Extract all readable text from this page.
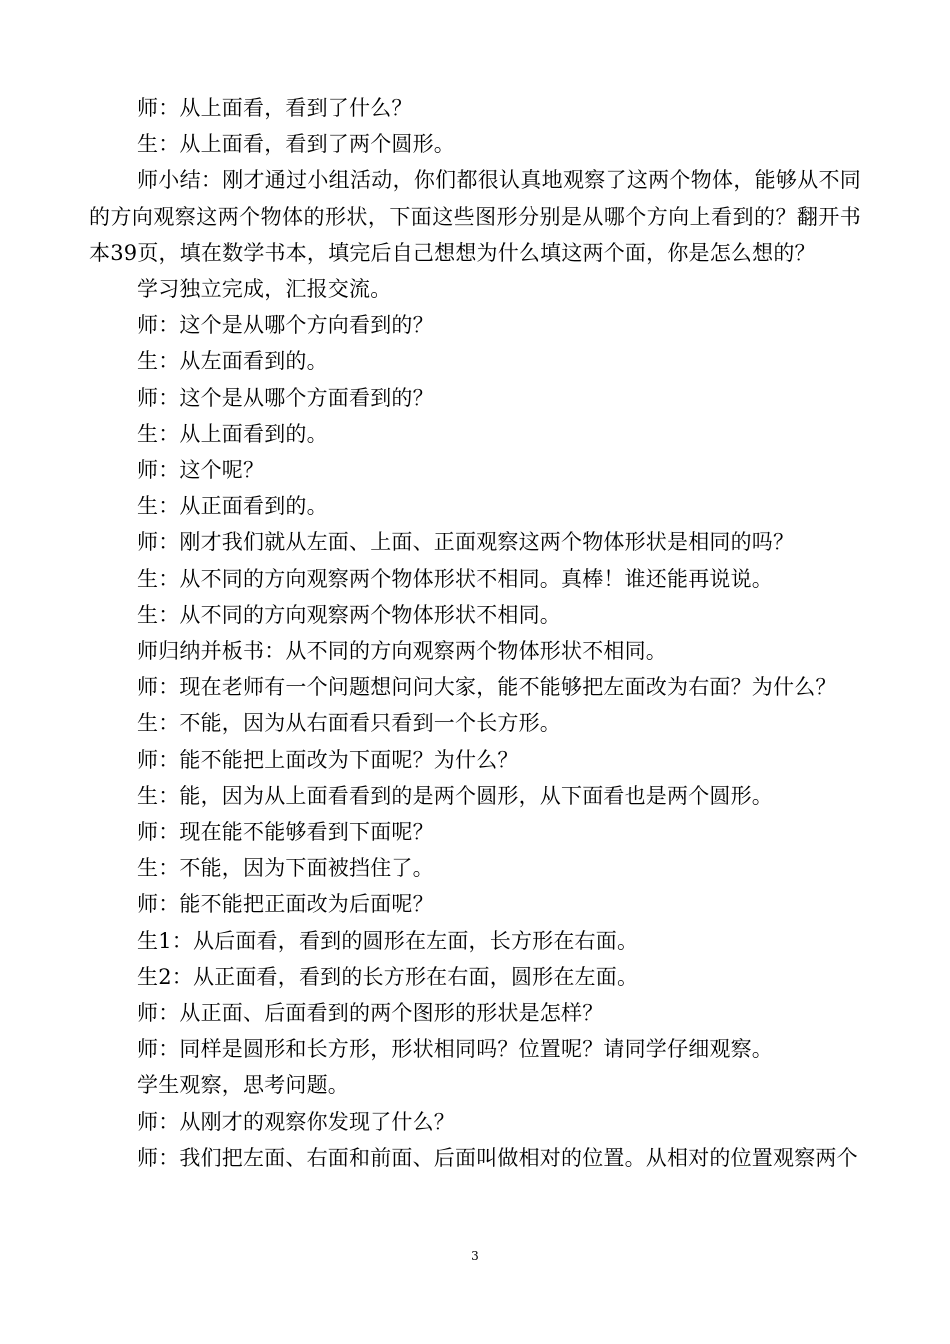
师：从上面看，看到了什么？

生：从上面看，看到了两个圆形。

师小结：刚才通过小组活动，你们都很认真地观察了这两个物体，能够从不同的方向观察这两个物体的形状，下面这些图形分别是从哪个方向上看到的？翻开书本39页，填在数学书本，填完后自己想想为什么填这两个面，你是怎么想的？

学习独立完成，汇报交流。

师：这个是从哪个方向看到的？

生：从左面看到的。

师：这个是从哪个方面看到的？

生：从上面看到的。

师：这个呢？

生：从正面看到的。

师：刚才我们就从左面、上面、正面观察这两个物体形状是相同的吗？

生：从不同的方向观察两个物体形状不相同。真棒！谁还能再说说。

生：从不同的方向观察两个物体形状不相同。

师归纳并板书：从不同的方向观察两个物体形状不相同。

师：现在老师有一个问题想问问大家，能不能够把左面改为右面？为什么？

生：不能，因为从右面看只看到一个长方形。

师：能不能把上面改为下面呢？为什么？

生：能，因为从上面看看到的是两个圆形，从下面看也是两个圆形。

师：现在能不能够看到下面呢？

生：不能，因为下面被挡住了。

师：能不能把正面改为后面呢？

生1：从后面看，看到的圆形在左面，长方形在右面。

生2：从正面看，看到的长方形在右面，圆形在左面。

师：从正面、后面看到的两个图形的形状是怎样？

师：同样是圆形和长方形，形状相同吗？位置呢？请同学仔细观察。

学生观察，思考问题。

师：从刚才的观察你发现了什么？

师：我们把左面、右面和前面、后面叫做相对的位置。从相对的位置观察两个

3
